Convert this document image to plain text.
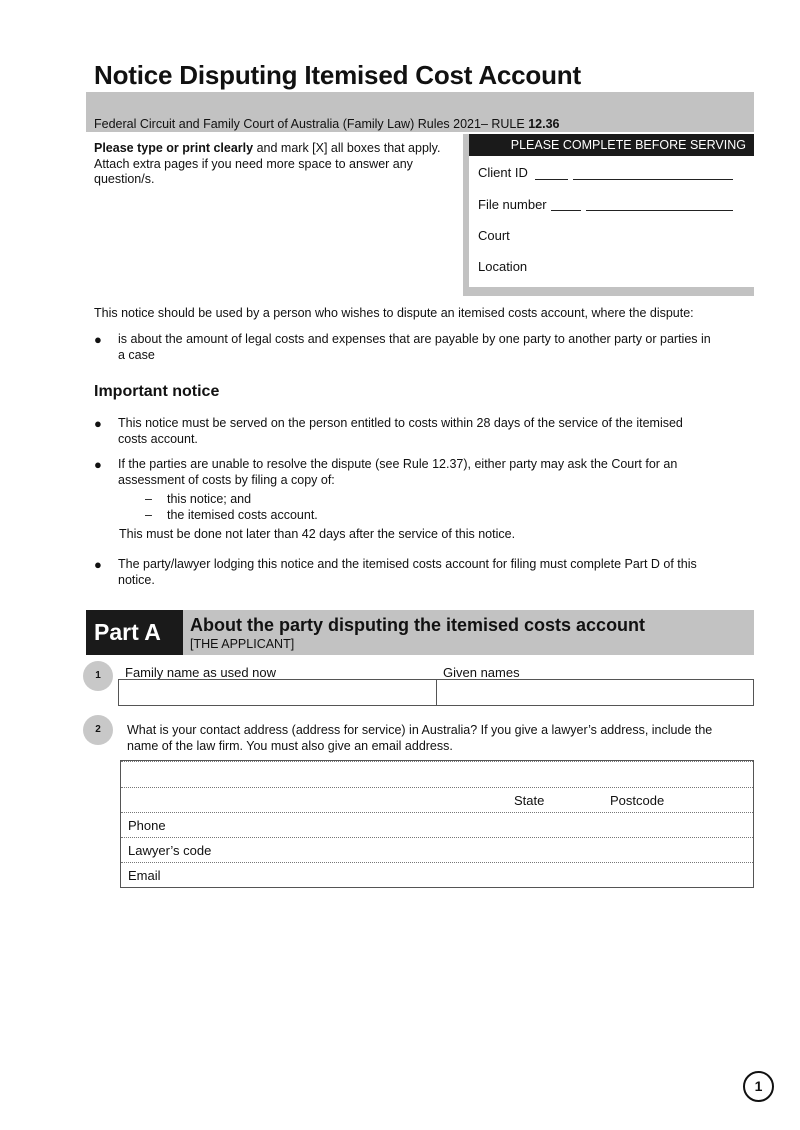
Notice Disputing Itemised Cost Account
Federal Circuit and Family Court of Australia (Family Law) Rules 2021– RULE 12.36
Please type or print clearly and mark [X] all boxes that apply. Attach extra pages if you need more space to answer any question/s.
PLEASE COMPLETE BEFORE SERVING
Client ID
File number
Court
Location
This notice should be used by a person who wishes to dispute an itemised costs account, where the dispute:
● is about the amount of legal costs and expenses that are payable by one party to another party or parties in a case
Important notice
● This notice must be served on the person entitled to costs within 28 days of the service of the itemised costs account.
● If the parties are unable to resolve the dispute (see Rule 12.37), either party may ask the Court for an assessment of costs by filing a copy of:
– this notice; and
– the itemised costs account.
This must be done not later than 42 days after the service of this notice.
● The party/lawyer lodging this notice and the itemised costs account for filing must complete Part D of this notice.
Part A	About the party disputing the itemised costs account
[THE APPLICANT]
1	Family name as used now	Given names
2	What is your contact address (address for service) in Australia? If you give a lawyer’s address, include the name of the law firm. You must also give an email address.
State	Postcode
Phone
Lawyer’s code
Email
1
